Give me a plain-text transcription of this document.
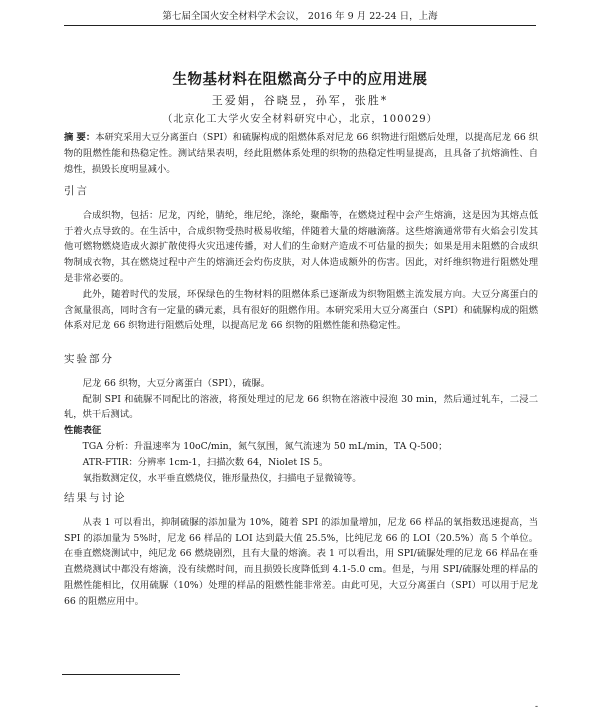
第七届全国火安全材料学术会议， 2016 年 9 月 22-24 日，上海
生物基材料在阻燃高分子中的应用进展
王爱娟，谷晓昱，孙军，张胜*
（北京化工大学火安全材料研究中心，北京，100029）

摘 要：本研究采用大豆分离蛋白（SPI）和硫脲构成的阻燃体系对尼龙 66 织物进行阻燃后处理，以提高尼龙 66 织物的阻燃性能和热稳定性。测试结果表明，经此阻燃体系处理的织物的热稳定性明显提高，且具备了抗熔滴性、自熄性，损毁长度明显减小。

引言

合成织物，包括：尼龙，丙纶，腈纶，维尼纶，涤纶，聚酯等，在燃烧过程中会产生熔滴，这是因为其熔点低于着火点导致的。在生活中，合成织物受热时极易收缩，伴随着大量的熔融滴落。这些熔滴通常带有火焰会引发其他可燃物燃烧造成火源扩散使得火灾迅速传播，对人们的生命财产造成不可估量的损失；如果是用未阻燃的合成织物制成衣物，其在燃烧过程中产生的熔滴还会灼伤皮肤，对人体造成额外的伤害。因此，对纤维织物进行阻燃处理是非常必要的。

此外，随着时代的发展，环保绿色的生物材料的阻燃体系已逐渐成为织物阻燃主流发展方向。大豆分离蛋白的含氮量很高，同时含有一定量的磷元素，具有很好的阻燃作用。本研究采用大豆分离蛋白（SPI）和硫脲构成的阻燃体系对尼龙 66 织物进行阻燃后处理，以提高尼龙 66 织物的阻燃性能和热稳定性。

实验部分

尼龙 66 织物，大豆分离蛋白（SPI），硫脲。

配制 SPI 和硫脲不同配比的溶液，将预处理过的尼龙 66 织物在溶液中浸泡 30 min，然后通过轧车，二浸二轧，烘干后测试。

性能表征

TGA 分析：升温速率为 10oC/min，氮气氛围，氮气流速为 50 mL/min，TA Q-500；

ATR-FTIR：分辨率 1cm-1，扫描次数 64，Niolet IS 5。

氧指数测定仪，水平垂直燃烧仪，锥形量热仪，扫描电子显微镜等。

结果与讨论

从表 1 可以看出，抑制硫脲的添加量为 10%，随着 SPI 的添加量增加，尼龙 66 样品的氧指数迅速提高，当 SPI 的添加量为 5%时，尼龙 66 样品的 LOI 达到最大值 25.5%，比纯尼龙 66 的 LOI（20.5%）高 5 个单位。在垂直燃烧测试中，纯尼龙 66 燃烧剧烈，且有大量的熔滴。表 1 可以看出，用 SPI/硫脲处理的尼龙 66 样品在垂直燃烧测试中都没有熔滴，没有续燃时间，而且损毁长度降低到 4.1-5.0 cm。但是，与用 SPI/硫脲处理的样品的阻燃性能相比，仅用硫脲（10%）处理的样品的阻燃性能非常差。由此可见，大豆分离蛋白（SPI）可以用于尼龙 66 的阻燃应用中。

-
